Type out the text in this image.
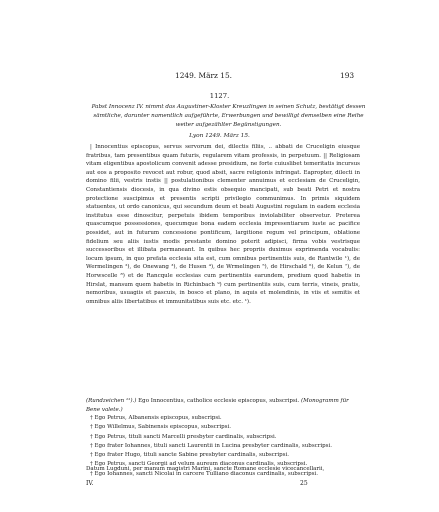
1249. März 15.	193
1127.
Pabst Innocenz IV. nimmt das Augustiner-Kloster Kreuzlingen in seinen Schutz, bestätigt dessen sämtliche, darunter namentlich aufgeführte, Erwerbungen und bewilligt demselben eine Reihe weiter aufgezählter Begünstigungen.
Lyon 1249. März 15.

| Innocentius episcopus, servus servorum dei, dilectis filiis, .. abbati de Cruceligin eiusque fratribus, tam presentibus quam futuris, regularem vitam professis, in perpetuum. || Religiosam vitam eligentibus apostolicum convenit adesse presidium, ne forte cuiuslibet temeritatis incursus aut eos a proposito revocet aut robur, quod absit, sacre religionis infringat. Eapropter, dilecti in domino filii, vestris instis || postulationibus clementer annuimus et ecclesiam de Cruceligin, Constantiensis diocesis, in qua divino estis obsequio mancipati, sub beati Petri et nostra protectione suscipimus et presentis scripti privilegio communimus. In primis siquidem statuentes, ut ordo canonicus, qui secundum deum et beati Augustini regulam in eadem ecclesia institutus esse dinoscitur, perpetuis ibidem temporibus inviolabiliter observetur. Preterea quascumque possessiones, quecumque bona eadem ecclesia impresentiarum iuste ac pacifice possidet, aut in futurum concessione pontificum, largitione regum vel principum, oblatione fidelium seu aliis iustis modis prestante domino poterit adipisci, firma vobis vestrisque successoribus et illibata permaneant. In quibus hec propriis duximus exprimenda vocabulis: locum ipsum, in quo prefata ecclesia sita est, cum omnibus pertinentiis suis, de Rantwile ¹), de Wermelingen ²), de Onewang ³), de Husen ⁴), de Wrmelingen ⁵), de Hirschald ⁶), de Kelun ⁷), de Horwscelle ⁸) et de Rancqule ecclesias cum pertinentiis earundem, predium quod habetis in Hirslat, mansum quem habetis in Richinbach ⁹) cum pertinentiis suis, cum terris, vineis, pratis, nemoribus, usuagiis et pascuis, in bosco et plano, in aquis et molendinis, in viis et semitis et omnibus aliis libertatibus et immunitatibus suis etc. etc. ¹).

(Rundzeichen ¹¹).) Ego Innocentius, catholice ecclesie episcopus, subscripsi. (Monogramm für Bene valete.)
† Ego Petrus, Albanensis episcopus, subscripsi.
† Ego Willelmus, Sabinensis episcopus, subscripsi.
† Ego Petrus, tituli sancti Marcelli presbyter cardinalis, subscripsi.
† Ego frater Iohannes, tituli sancti Laurentii in Lucina presbyter cardinalis, subscripsi.
† Ego frater Hugo, tituli sancte Sabine presbyter cardinalis, subscripsi.
† Ego Petrus, sancti Georgii ad velum aureum diaconus cardinalis, subscripsi.
† Ego Iohannes, sancti Nicolai in carcere Tulliano diaconus cardinalis, subscripsi.
Datum Lugduni, per manum magistri Marini, sancte Romane ecclesie vicecancellarii,
IV.	25
